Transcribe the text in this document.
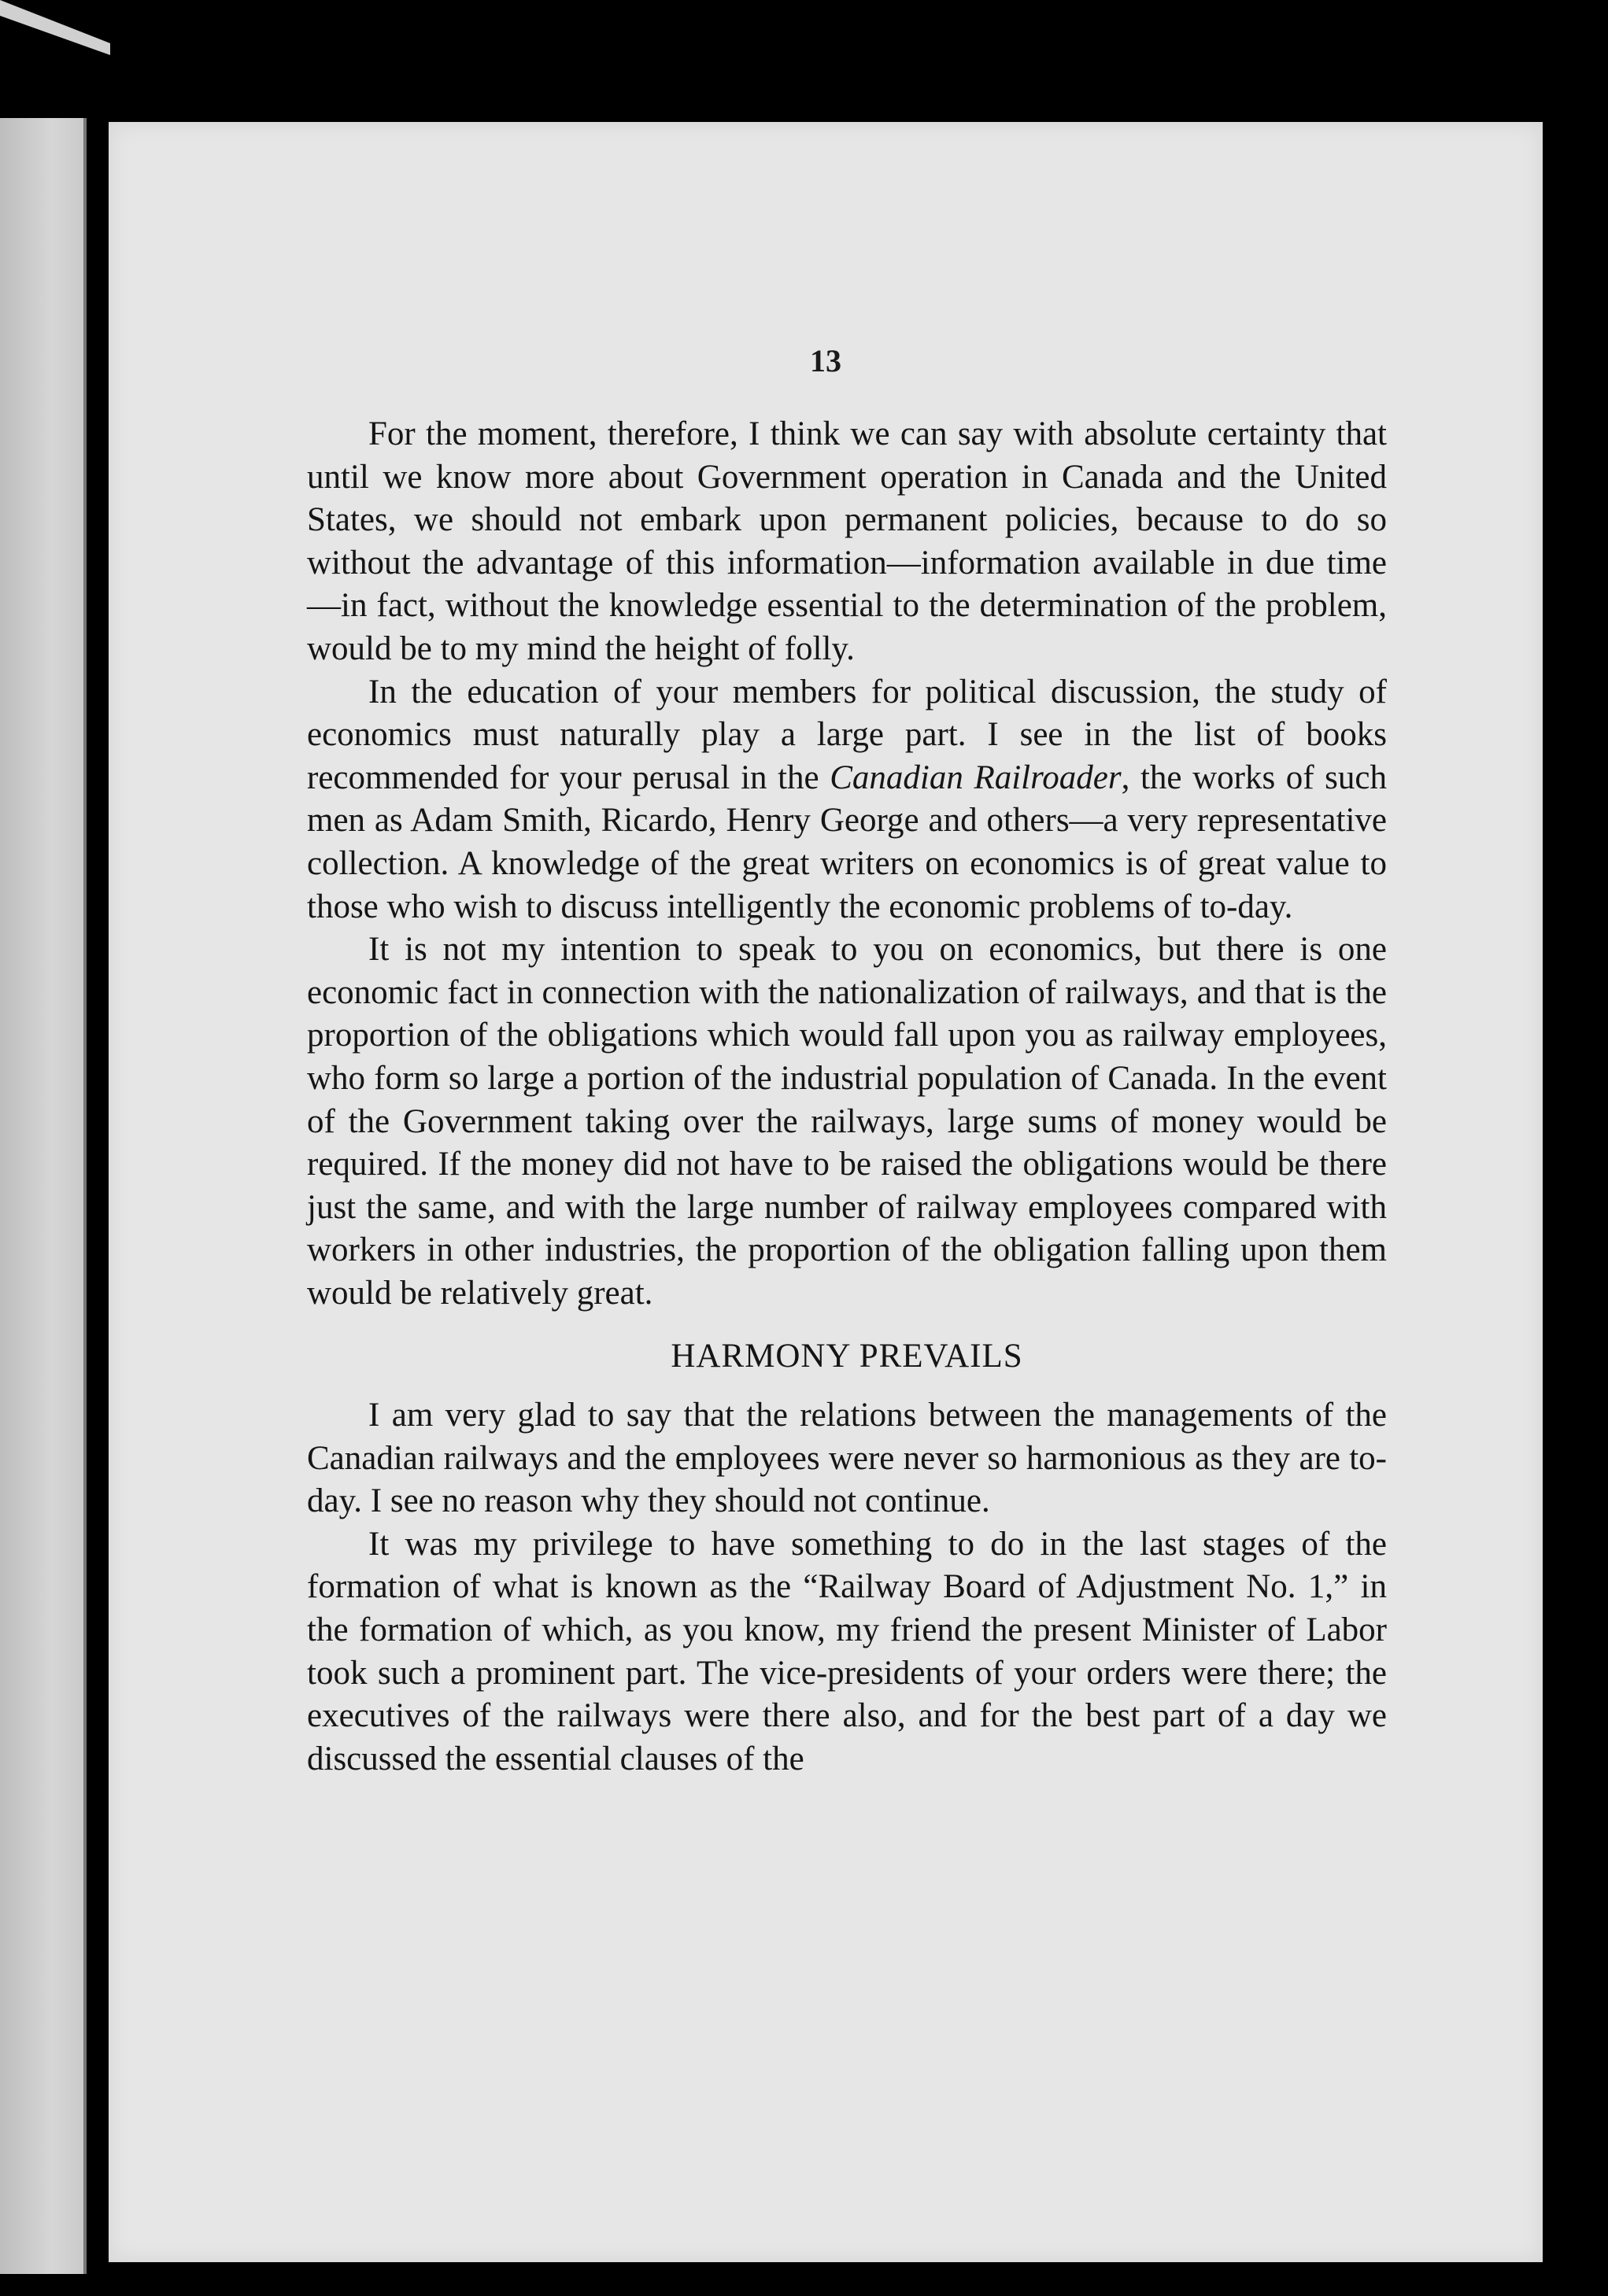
13

For the moment, therefore, I think we can say with absolute certainty that until we know more about Government operation in Canada and the United States, we should not embark upon permanent policies, because to do so without the advantage of this information—information available in due time—in fact, without the knowledge essential to the determination of the problem, would be to my mind the height of folly.

In the education of your members for political discussion, the study of economics must naturally play a large part. I see in the list of books recommended for your perusal in the Canadian Railroader, the works of such men as Adam Smith, Ricardo, Henry George and others—a very representative collection. A knowledge of the great writers on economics is of great value to those who wish to discuss intelligently the economic problems of to-day.

It is not my intention to speak to you on economics, but there is one economic fact in connection with the nationalization of railways, and that is the proportion of the obligations which would fall upon you as railway employees, who form so large a portion of the industrial population of Canada. In the event of the Government taking over the railways, large sums of money would be required. If the money did not have to be raised the obligations would be there just the same, and with the large number of railway employees compared with workers in other industries, the proportion of the obligation falling upon them would be relatively great.

HARMONY PREVAILS

I am very glad to say that the relations between the managements of the Canadian railways and the employees were never so harmonious as they are to-day. I see no reason why they should not continue.

It was my privilege to have something to do in the last stages of the formation of what is known as the “Railway Board of Adjustment No. 1,” in the formation of which, as you know, my friend the present Minister of Labor took such a prominent part. The vice-presidents of your orders were there; the executives of the railways were there also, and for the best part of a day we discussed the essential clauses of the
